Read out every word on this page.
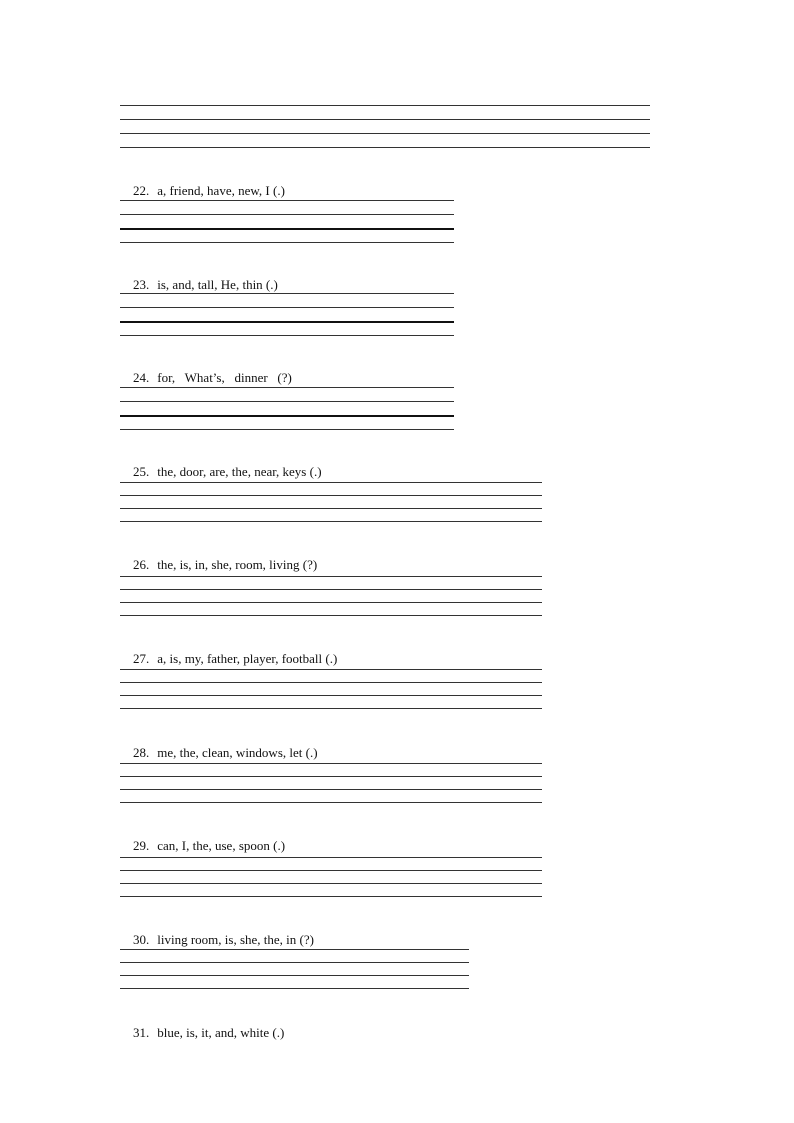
22. a, friend, have, new, I (.)

23. is, and, tall, He, thin (.)

24. for,   What’s,   dinner   (?)

25. the, door, are, the, near, keys (.)

26. the, is, in, she, room, living (?)

27. a, is, my, father, player, football (.)

28. me, the, clean, windows, let (.)

29. can, I, the, use, spoon (.)

30. living room, is, she, the, in (?)

31. blue, is, it, and, white (.)
